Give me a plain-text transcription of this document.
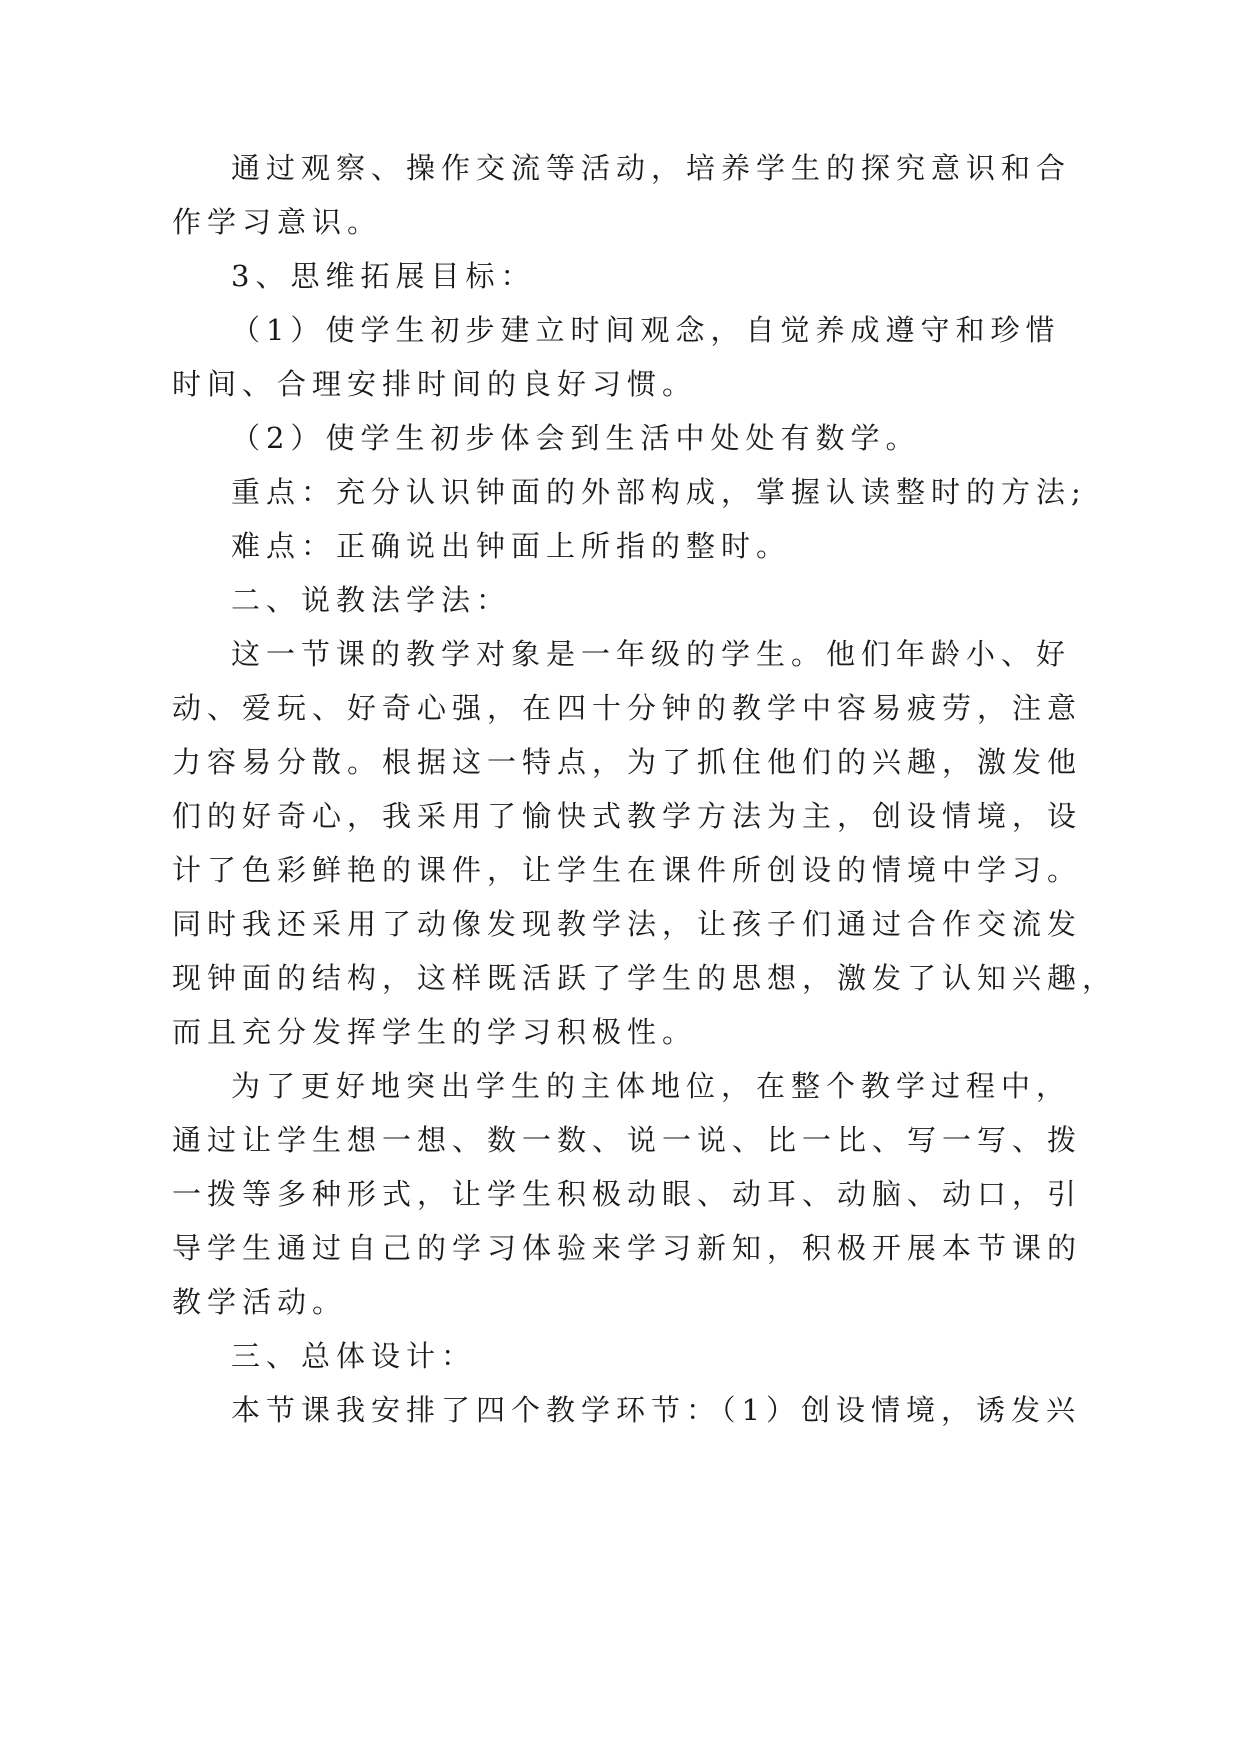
通过观察、操作交流等活动，培养学生的探究意识和合
作学习意识。
3、思维拓展目标：
（1）使学生初步建立时间观念，自觉养成遵守和珍惜
时间、合理安排时间的良好习惯。
（2）使学生初步体会到生活中处处有数学。
重点：充分认识钟面的外部构成，掌握认读整时的方法;
难点：正确说出钟面上所指的整时。
二、说教法学法：
这一节课的教学对象是一年级的学生。他们年龄小、好
动、爱玩、好奇心强，在四十分钟的教学中容易疲劳，注意
力容易分散。根据这一特点，为了抓住他们的兴趣，激发他
们的好奇心，我采用了愉快式教学方法为主，创设情境，设
计了色彩鲜艳的课件，让学生在课件所创设的情境中学习。
同时我还采用了动像发现教学法，让孩子们通过合作交流发
现钟面的结构，这样既活跃了学生的思想，激发了认知兴趣，
而且充分发挥学生的学习积极性。
为了更好地突出学生的主体地位，在整个教学过程中，
通过让学生想一想、数一数、说一说、比一比、写一写、拨
一拨等多种形式，让学生积极动眼、动耳、动脑、动口，引
导学生通过自己的学习体验来学习新知，积极开展本节课的
教学活动。
三、总体设计：
本节课我安排了四个教学环节：（1）创设情境，诱发兴
